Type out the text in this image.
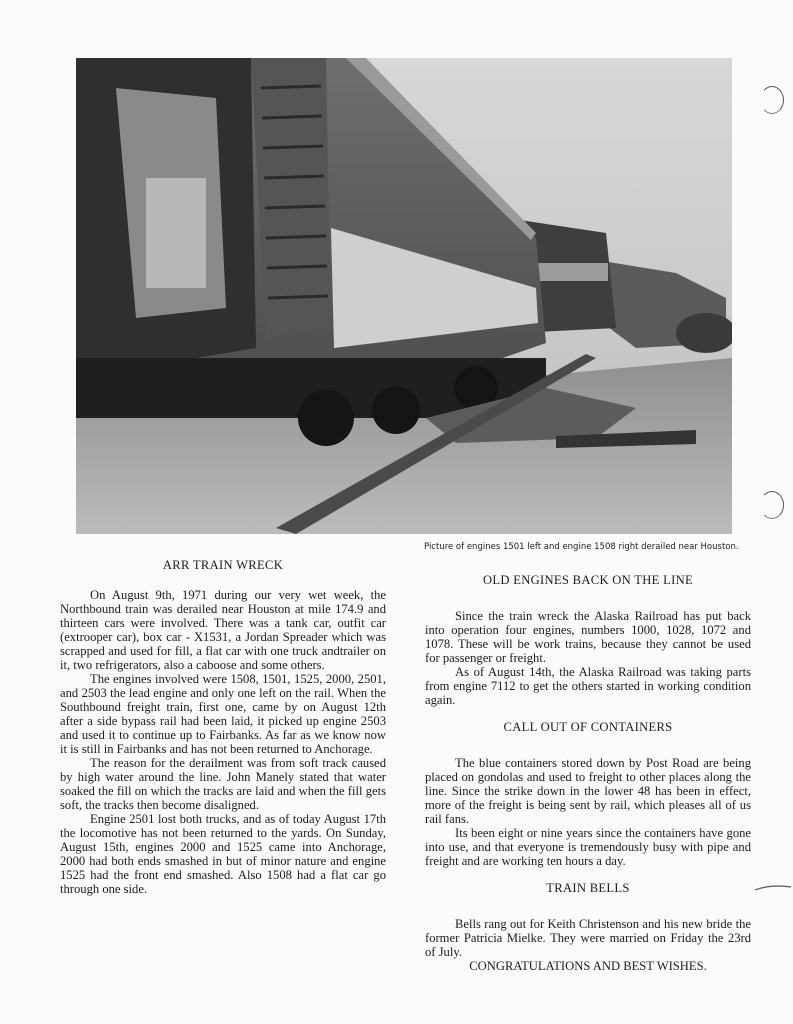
Picture of engines 1501 left and engine 1508 right derailed near Houston.
ARR TRAIN WRECK

On August 9th, 1971 during our very wet week, the Northbound train was derailed near Houston at mile 174.9 and thirteen cars were involved. There was a tank car, outfit car (extrooper car), box car - X1531, a Jordan Spreader which was scrapped and used for fill, a flat car with one truck andtrailer on it, two refrigerators, also a caboose and some others.

The engines involved were 1508, 1501, 1525, 2000, 2501, and 2503 the lead engine and only one left on the rail. When the Southbound freight train, first one, came by on August 12th after a side bypass rail had been laid, it picked up engine 2503 and used it to continue up to Fairbanks. As far as we know now it is still in Fairbanks and has not been returned to Anchorage.

The reason for the derailment was from soft track caused by high water around the line. John Manely stated that water soaked the fill on which the tracks are laid and when the fill gets soft, the tracks then become disaligned.

Engine 2501 lost both trucks, and as of today August 17th the locomotive has not been returned to the yards. On Sunday, August 15th, engines 2000 and 1525 came into Anchorage, 2000 had both ends smashed in but of minor nature and engine 1525 had the front end smashed. Also 1508 had a flat car go through one side.

OLD ENGINES BACK ON THE LINE

Since the train wreck the Alaska Railroad has put back into operation four engines, numbers 1000, 1028, 1072 and 1078. These will be work trains, because they cannot be used for passenger or freight.

As of August 14th, the Alaska Railroad was taking parts from engine 7112 to get the others started in working condition again.

CALL OUT OF CONTAINERS

The blue containers stored down by Post Road are being placed on gondolas and used to freight to other places along the line. Since the strike down in the lower 48 has been in effect, more of the freight is being sent by rail, which pleases all of us rail fans.

Its been eight or nine years since the containers have gone into use, and that everyone is tremendously busy with pipe and freight and are working ten hours a day.

TRAIN BELLS

Bells rang out for Keith Christenson and his new bride the former Patricia Mielke. They were married on Friday the 23rd of July.

CONGRATULATIONS AND BEST WISHES.
